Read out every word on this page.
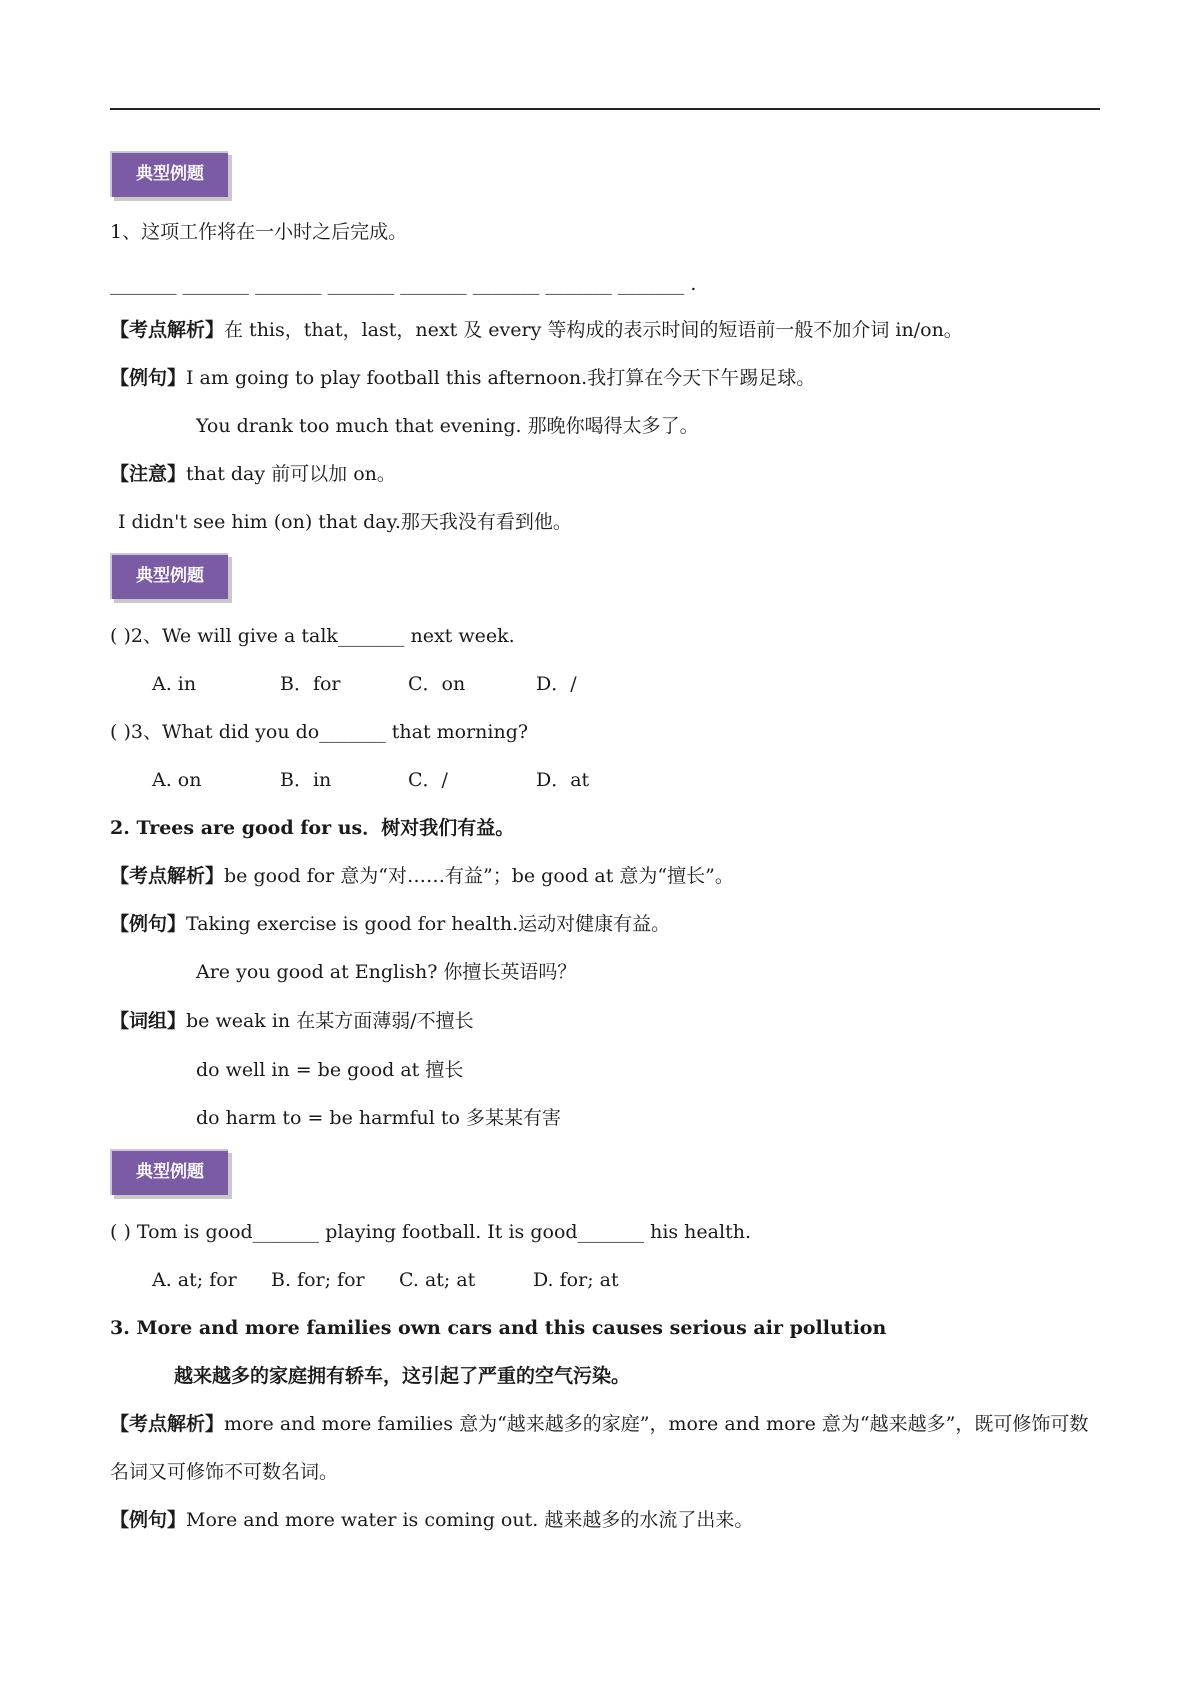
典型例题
1、这项工作将在一小时之后完成。
_______ _______ _______ _______ _______ _______ _______ _______ .
【考点解析】在 this，that，last，next 及 every 等构成的表示时间的短语前一般不加介词 in/on。
【例句】I am going to play football this afternoon.我打算在今天下午踢足球。
You drank too much that evening. 那晚你喝得太多了。
【注意】that day 前可以加 on。
I didn't see him (on) that day.那天我没有看到他。
典型例题
( )2、We will give a talk_______ next week.
A. in	B．for	C．on	D．/
( )3、What did you do_______ that morning?
A. on	B．in	C．/	D．at
2. Trees are good for us．树对我们有益。
【考点解析】be good for 意为“对……有益”；be good at 意为“擅长”。
【例句】Taking exercise is good for health.运动对健康有益。
Are you good at English? 你擅长英语吗？
【词组】be weak in 在某方面薄弱/不擅长
do well in = be good at 擅长
do harm to = be harmful to 多某某有害
典型例题
( ) Tom is good_______ playing football. It is good_______ his health.
A. at; for B. for; for C. at; at	D. for; at
3. More and more families own cars and this causes serious air pollution
越来越多的家庭拥有轿车，这引起了严重的空气污染。
【考点解析】more and more families 意为“越来越多的家庭”，more and more 意为“越来越多”，既可修饰可数
名词又可修饰不可数名词。
【例句】More and more water is coming out. 越来越多的水流了出来。
